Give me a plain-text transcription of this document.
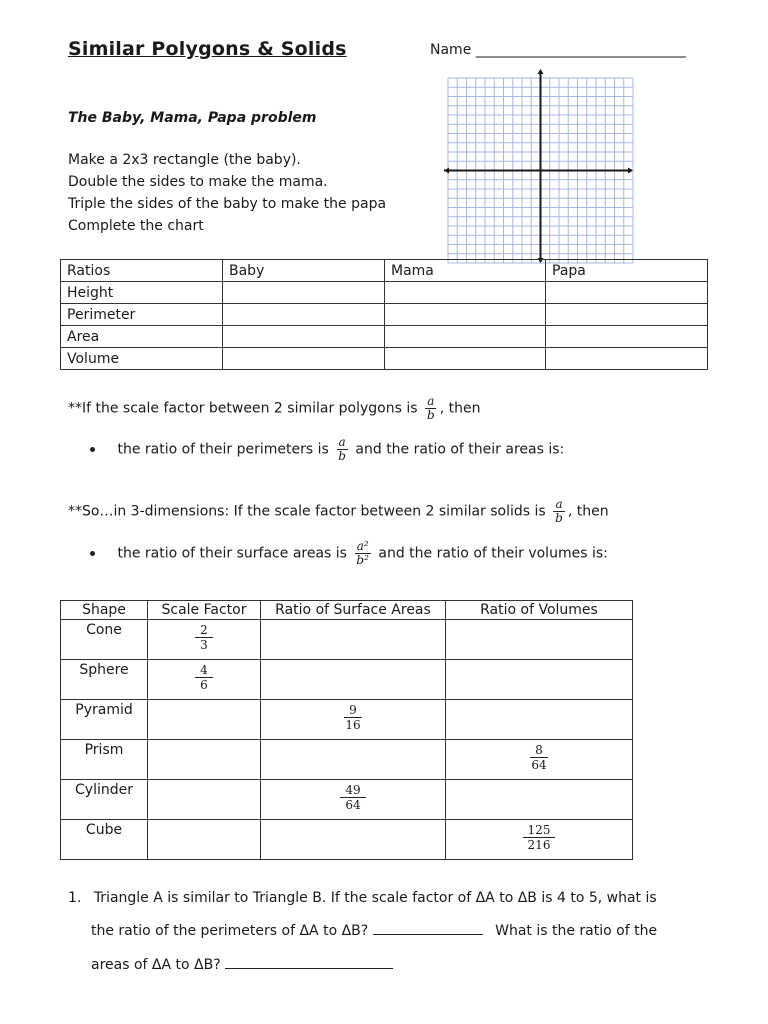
Similar Polygons & Solids	Name ______________________________
The Baby, Mama, Papa problem
Make a 2x3 rectangle (the baby).
Double the sides to make the mama.
Triple the sides of the baby to make the papa
Complete the chart
Ratios	Baby	Mama	Papa
Height			
Perimeter			
Area			
Volume			
**If the scale factor between 2 similar polygons is $\frac{a}{b}$ , then
the ratio of their perimeters is $\frac{a}{b}$ and the ratio of their areas is:
**So…in 3-dimensions: If the scale factor between 2 similar solids is $\frac{a}{b}$ , then
the ratio of their surface areas is $\frac{\text{a²}}{\text{b²}}$ and the ratio of their volumes is:
Shape	Scale Factor	Ratio of Surface Areas	Ratio of Volumes
Cone	$\frac{2}{3}$

Sphere	$\frac{4}{6}$

Pyramid		$\frac{9}{16}$

Prism			$\frac{8}{64}$

Cylinder		$\frac{49}{64}$

Cube			$\frac{125}{216}$
1. Triangle A is similar to Triangle B. If the scale factor of ΔA to ΔB is 4 to 5, what is
the ratio of the perimeters of ΔA to ΔB?	What is the ratio of the
areas of ΔA to ΔB?
